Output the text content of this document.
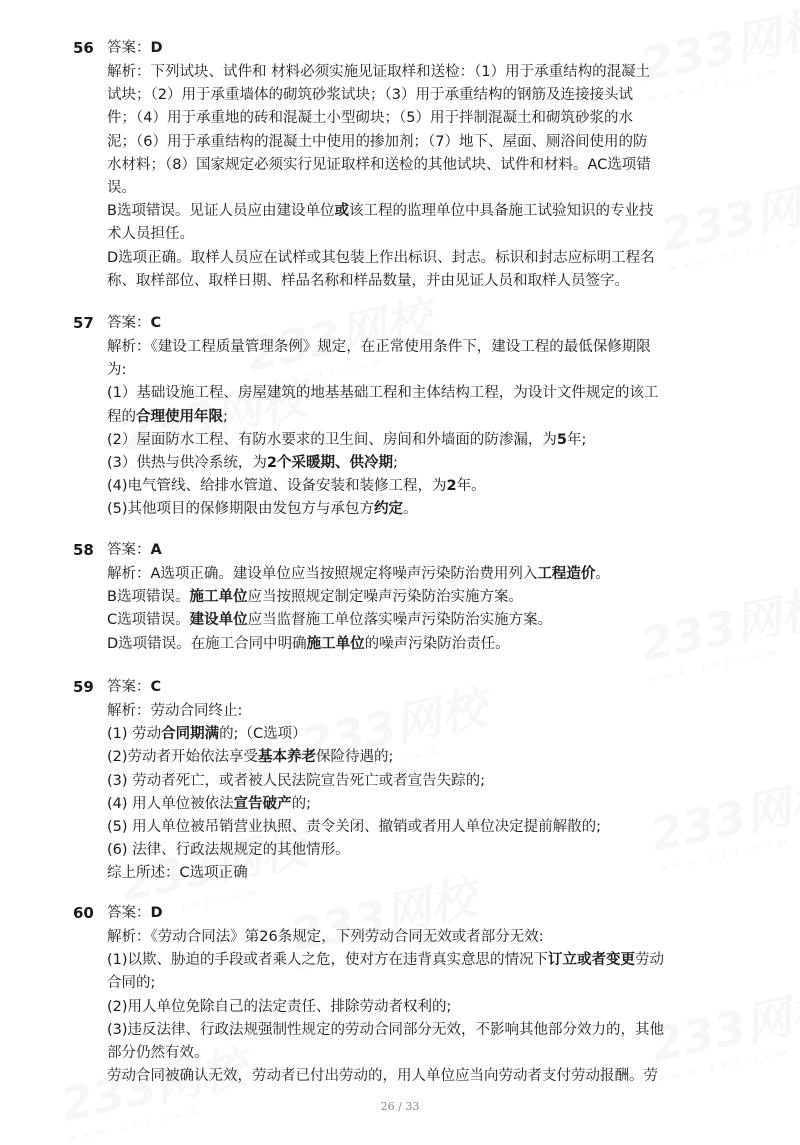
56 答案：D
解析：下列试块、试件和 材料必须实施见证取样和送检：（1）用于承重结构的混凝土
试块；（2）用于承重墙体的砌筑砂浆试块；（3）用于承重结构的钢筋及连接接头试
件；（4）用于承重地的砖和混凝土小型砌块；（5）用于拌制混凝土和砌筑砂浆的水
泥；（6）用于承重结构的混凝土中使用的掺加剂；（7）地下、屋面、厕浴间使用的防
水材料；（8）国家规定必须实行见证取样和送检的其他试块、试件和材料。AC选项错
误。
B选项错误。见证人员应由建设单位或该工程的监理单位中具备施工试验知识的专业技
术人员担任。
D选项正确。取样人员应在试样或其包装上作出标识、封志。标识和封志应标明工程名
称、取样部位、取样日期、样品名称和样品数量，并由见证人员和取样人员签字。
57 答案：C
解析：《建设工程质量管理条例》规定，在正常使用条件下，建设工程的最低保修期限
为:
(1）基础设施工程、房屋建筑的地基基础工程和主体结构工程，为设计文件规定的该工
程的合理使用年限;
(2）屋面防水工程、有防水要求的卫生间、房间和外墙面的防渗漏，为5年;
(3）供热与供冷系统，为2个采暖期、供冷期;
(4)电气管线、给排水管道、设备安装和装修工程，为2年。
(5)其他项目的保修期限由发包方与承包方约定。
58 答案：A
解析：A选项正确。建设单位应当按照规定将噪声污染防治费用列入工程造价。
B选项错误。施工单位应当按照规定制定噪声污染防治实施方案。
C选项错误。建设单位应当监督施工单位落实噪声污染防治实施方案。
D选项错误。在施工合同中明确施工单位的噪声污染防治责任。
59 答案：C
解析：劳动合同终止:
(1) 劳动合同期满的;（C选项）
(2)劳动者开始依法享受基本养老保险待遇的;
(3) 劳动者死亡，或者被人民法院宣告死亡或者宣告失踪的;
(4) 用人单位被依法宣告破产的;
(5) 用人单位被吊销营业执照、责令关闭、撤销或者用人单位决定提前解散的;
(6) 法律、行政法规规定的其他情形。
综上所述：C选项正确
60 答案：D
解析：《劳动合同法》第26条规定，下列劳动合同无效或者部分无效:
(1)以欺、胁迫的手段或者乘人之危，使对方在违背真实意思的情况下订立或者变更劳动
合同的;
(2)用人单位免除自己的法定责任、排除劳动者权利的;
(3)违反法律、行政法规强制性规定的劳动合同部分无效，不影响其他部分效力的，其他
部分仍然有效。
劳动合同被确认无效，劳动者已付出劳动的，用人单位应当向劳动者支付劳动报酬。劳
26 / 33
